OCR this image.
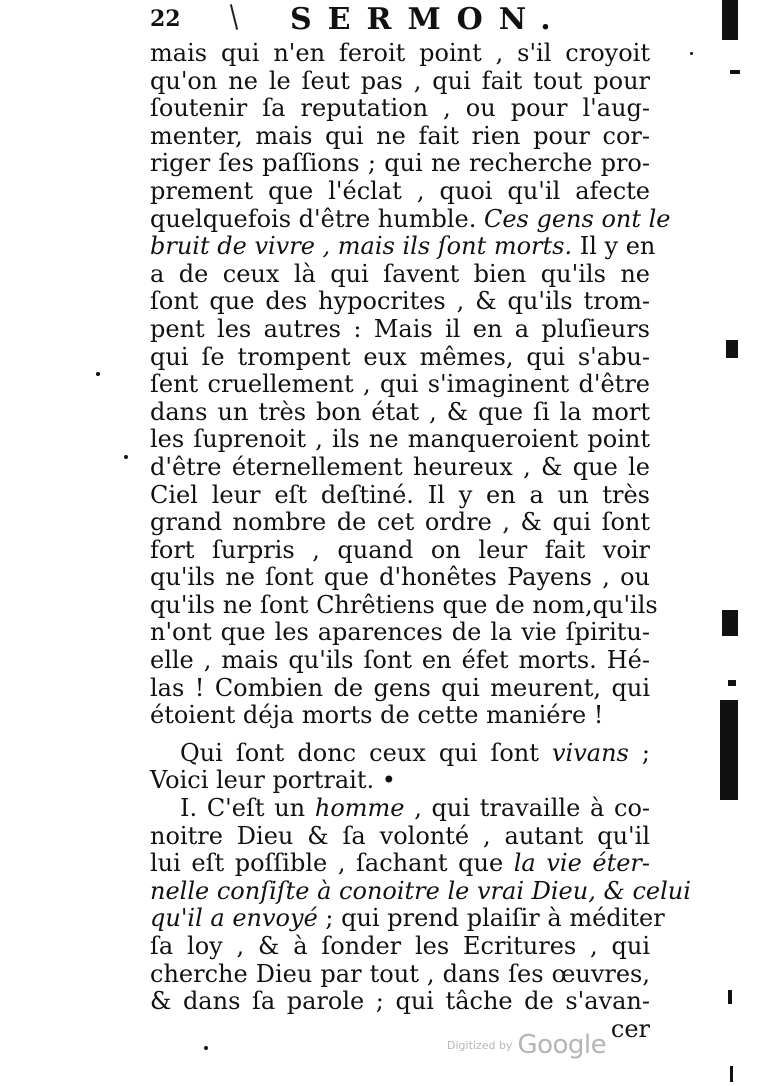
22	SERMON.
mais qui n'en feroit point , s'il croyoit
qu'on ne le ſeut pas , qui fait tout pour
ſoutenir ſa reputation , ou pour l'aug-
menter, mais qui ne fait rien pour cor-
riger ſes paſſions ; qui ne recherche pro-
prement que l'éclat , quoi qu'il afecte
quelquefois d'être humble. Ces gens ont le
bruit de vivre , mais ils ſont morts. Il y en
a de ceux là qui ſavent bien qu'ils ne
ſont que des hypocrites , & qu'ils trom-
pent les autres : Mais il en a pluſieurs
qui ſe trompent eux mêmes, qui s'abu-
ſent cruellement , qui s'imaginent d'être
dans un très bon état , & que ſi la mort
les ſuprenoit , ils ne manqueroient point
d'être éternellement heureux , & que le
Ciel leur eſt deſtiné. Il y en a un très
grand nombre de cet ordre , & qui ſont
fort ſurpris , quand on leur fait voir
qu'ils ne ſont que d'honêtes Payens , ou
qu'ils ne ſont Chrêtiens que de nom,qu'ils
n'ont que les aparences de la vie ſpiritu-
elle , mais qu'ils ſont en éfet morts. Hé-
las ! Combien de gens qui meurent, qui
étoient déja morts de cette maniére !
Qui ſont donc ceux qui ſont vivans ;
Voici leur portrait. •
I. C'eſt un homme , qui travaille à co-
noitre Dieu & ſa volonté , autant qu'il
lui eſt poſſible , ſachant que la vie éter-
nelle conſiſte à conoitre le vrai Dieu, & celui
qu'il a envoyé ; qui prend plaiſir à méditer
ſa loy , & à ſonder les Ecritures , qui
cherche Dieu par tout , dans ſes œuvres,
& dans ſa parole ; qui tâche de s'avan-
cer
$^{Digitized by}$ Google
